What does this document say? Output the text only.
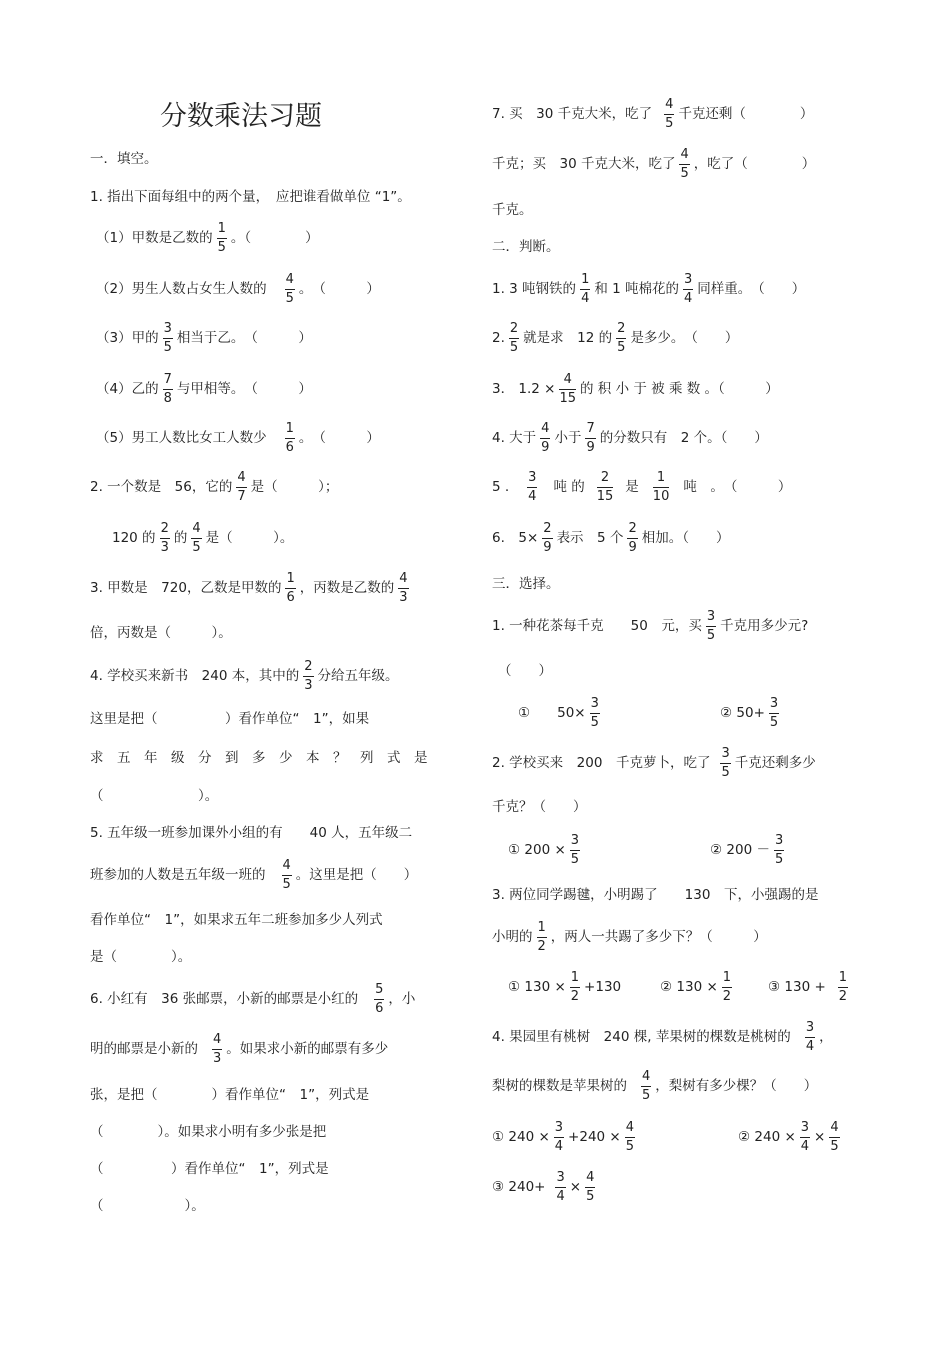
分数乘法习题
一．填空。
1. 指出下面每组中的两个量，　应把谁看做单位 “1”。
（1）甲数是乙数的 $\frac{1}{5}$ 。（　　　　）
（2）男生人数占女生人数的 $\frac{4}{5}$ 。　（　　　）
（3）甲的 $\frac{3}{5}$ 相当于乙。　（　　　）
（4）乙的 $\frac{7}{8}$ 与甲相等。　（　　　）
（5）男工人数比女工人数少 $\frac{1}{6}$ 。　（　　　）
2. 一个数是　56，它的 $\frac{4}{7}$ 是（　　　）；
120 的 $\frac{2}{3}$ 的 $\frac{4}{5}$ 是（　　　）。
3. 甲数是　720，乙数是甲数的 $\frac{1}{6}$ ，丙数是乙数的 $\frac{4}{3}$
倍，丙数是（　　　）。
4. 学校买来新书　240 本，其中的 $\frac{2}{3}$ 分给五年级。
这里是把（　　　　　）看作单位“　1”，如果
求　五　年　级　分　到　多　少　本　？　列　式　是
（　　　　　　　）。
5. 五年级一班参加课外小组的有　　40 人，五年级二
班参加的人数是五年级一班的 $\frac{4}{5}$ 。这里是把（　　）
看作单位“　1”，如果求五年二班参加多少人列式
是（　　　　）。
6. 小红有　36 张邮票，小新的邮票是小红的 $\frac{5}{6}$ ，小
明的邮票是小新的 $\frac{4}{3}$ 。如果求小新的邮票有多少
张，是把（　　　　）看作单位“　1”，列式是
（　　　　）。如果求小明有多少张是把
（　　　　　）看作单位“　1”，列式是
（　　　　　　）。
7. 买　30 千克大米，吃了 $\frac{4}{5}$ 千克还剩（　　　　）
千克；买　30 千克大米，吃了 $\frac{4}{5}$ ，吃了（　　　　）
千克。
二．判断。
1. 3 吨钢铁的 $\frac{1}{4}$ 和 1 吨棉花的 $\frac{3}{4}$ 同样重。　（　　）
2. $\frac{2}{5}$ 就是求　12 的 $\frac{2}{5}$ 是多少。　（　　）
3． $1.2 \times \frac{4}{15}$ 的 积 小 于 被 乘 数 。（　　　）
4. 大于 $\frac{4}{9}$ 小于 $\frac{7}{9}$ 的分数只有　2 个。（　　）
5 . $\frac{3}{4}$ 吨 的 $\frac{2}{15}$ 是 $\frac{1}{10}$ 吨　。　（　　　）
6.　$5\times \frac{2}{9}$ 表示　5 个 $\frac{2}{9}$ 相加。（　　）
三．选择。
1. 一种花茶每千克　　50　元，买 $\frac{3}{5}$ 千克用多少元?
（　　）
①　　$50\times \frac{3}{5}$	② $50+ \frac{3}{5}$
2. 学校买来　200　千克萝卜，吃了 $\frac{3}{5}$ 千克还剩多少
千克？（　　）
① $200 \times \frac{3}{5}$	② $200 - \frac{3}{5}$
3. 两位同学踢毽，小明踢了　　130　下，小强踢的是
小明的 $\frac{1}{2}$ ，两人一共踢了多少下？（　　　）
① $130 \times \frac{1}{2} +130$	② $130 \times \frac{1}{2}$	③ $130 + \frac{1}{2}$
4. 果园里有桃树　240 棵, 苹果树的棵数是桃树的 $\frac{3}{4}$ ，
梨树的棵数是苹果树的 $\frac{4}{5}$ ，梨树有多少棵？（　　）
① $240 \times \frac{3}{4} +240 \times \frac{4}{5}$	② $240 \times \frac{3}{4} \times \frac{4}{5}$
③ $240+ \frac{3}{4} \times \frac{4}{5}$
